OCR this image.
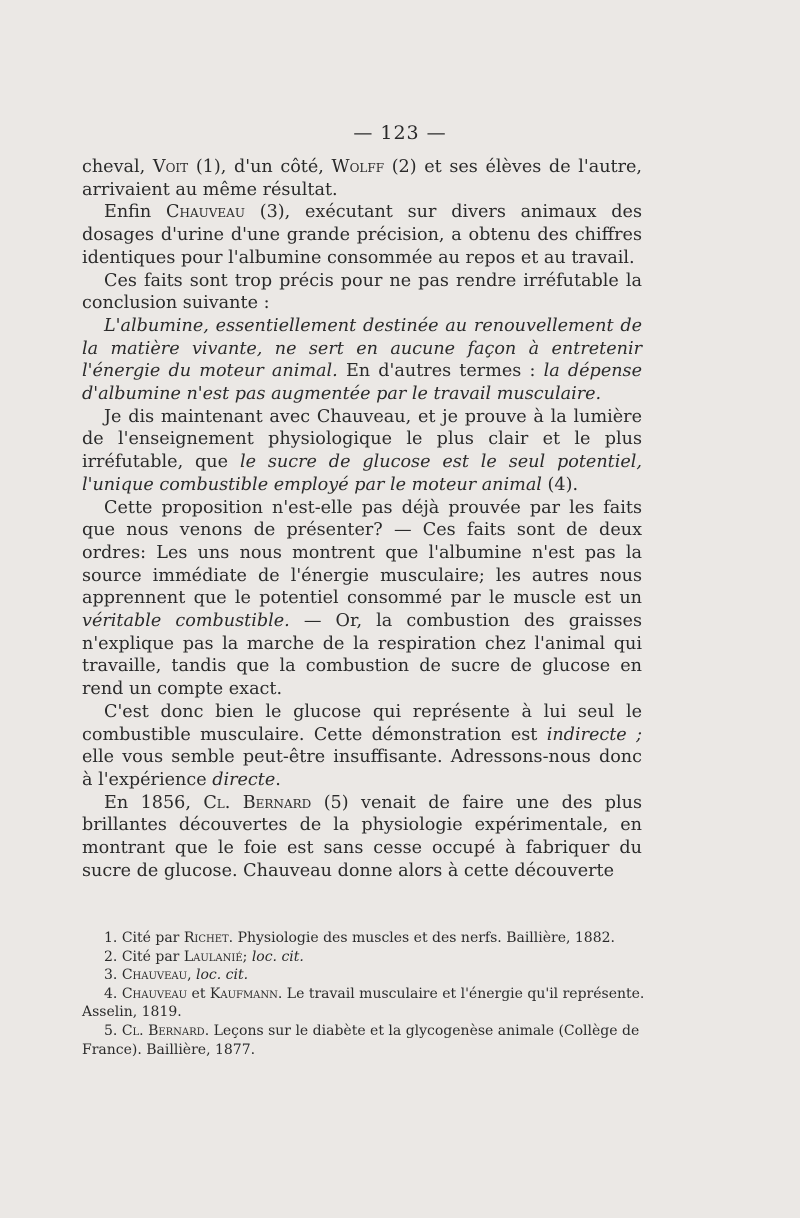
— 123 —

cheval, Voit (1), d'un côté, Wolff (2) et ses élèves de l'autre, arrivaient au même résultat.

Enfin Chauveau (3), exécutant sur divers animaux des dosages d'urine d'une grande précision, a obtenu des chiffres identiques pour l'albumine consommée au repos et au travail.

Ces faits sont trop précis pour ne pas rendre irréfutable la conclusion suivante :

L'albumine, essentiellement destinée au renouvellement de la matière vivante, ne sert en aucune façon à entretenir l'énergie du moteur animal. En d'autres termes : la dépense d'albumine n'est pas augmentée par le travail musculaire.

Je dis maintenant avec Chauveau, et je prouve à la lumière de l'enseignement physiologique le plus clair et le plus irréfutable, que le sucre de glucose est le seul potentiel, l'unique combustible employé par le moteur animal (4).

Cette proposition n'est-elle pas déjà prouvée par les faits que nous venons de présenter? — Ces faits sont de deux ordres: Les uns nous montrent que l'albumine n'est pas la source immédiate de l'énergie musculaire; les autres nous apprennent que le potentiel consommé par le muscle est un véritable combustible. — Or, la combustion des graisses n'explique pas la marche de la respiration chez l'animal qui travaille, tandis que la combustion de sucre de glucose en rend un compte exact.

C'est donc bien le glucose qui représente à lui seul le combustible musculaire. Cette démonstration est indirecte ; elle vous semble peut-être insuffisante. Adressons-nous donc à l'expérience directe.

En 1856, Cl. Bernard (5) venait de faire une des plus brillantes découvertes de la physiologie expérimentale, en montrant que le foie est sans cesse occupé à fabriquer du sucre de glucose. Chauveau donne alors à cette découverte

1. Cité par Richet. Physiologie des muscles et des nerfs. Baillière, 1882.

2. Cité par Laulanié; loc. cit.

3. Chauveau, loc. cit.

4. Chauveau et Kaufmann. Le travail musculaire et l'énergie qu'il représente. Asselin, 1819.

5. Cl. Bernard. Leçons sur le diabète et la glycogenèse animale (Collège de France). Baillière, 1877.
